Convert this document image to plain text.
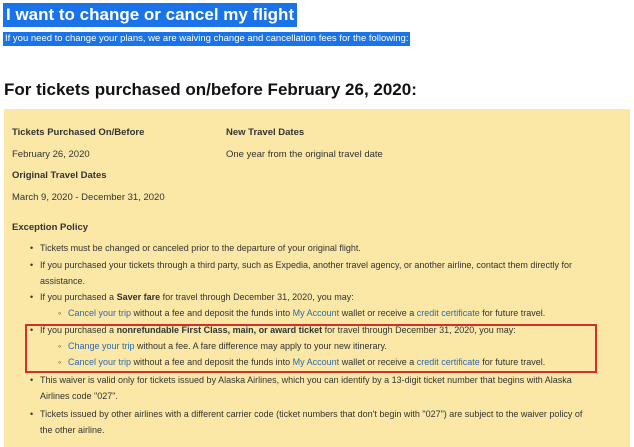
I want to change or cancel my flight
If you need to change your plans, we are waiving change and cancellation fees for the following:
For tickets purchased on/before February 26, 2020:
Tickets Purchased On/Before
February 26, 2020
New Travel Dates
One year from the original travel date
Original Travel Dates
March 9, 2020 - December 31, 2020
Exception Policy
• Tickets must be changed or canceled prior to the departure of your original flight.
• If you purchased your tickets through a third party, such as Expedia, another travel agency, or another airline, contact them directly for
assistance.
• If you purchased a Saver fare for travel through December 31, 2020, you may:
◦ Cancel your trip without a fee and deposit the funds into My Account wallet or receive a credit certificate for future travel.
• If you purchased a nonrefundable First Class, main, or award ticket for travel through December 31, 2020, you may:
◦ Change your trip without a fee. A fare difference may apply to your new itinerary.
◦ Cancel your trip without a fee and deposit the funds into My Account wallet or receive a credit certificate for future travel.
• This waiver is valid only for tickets issued by Alaska Airlines, which you can identify by a 13-digit ticket number that begins with Alaska
Airlines code "027".
• Tickets issued by other airlines with a different carrier code (ticket numbers that don't begin with "027") are subject to the waiver policy of
the other airline.
